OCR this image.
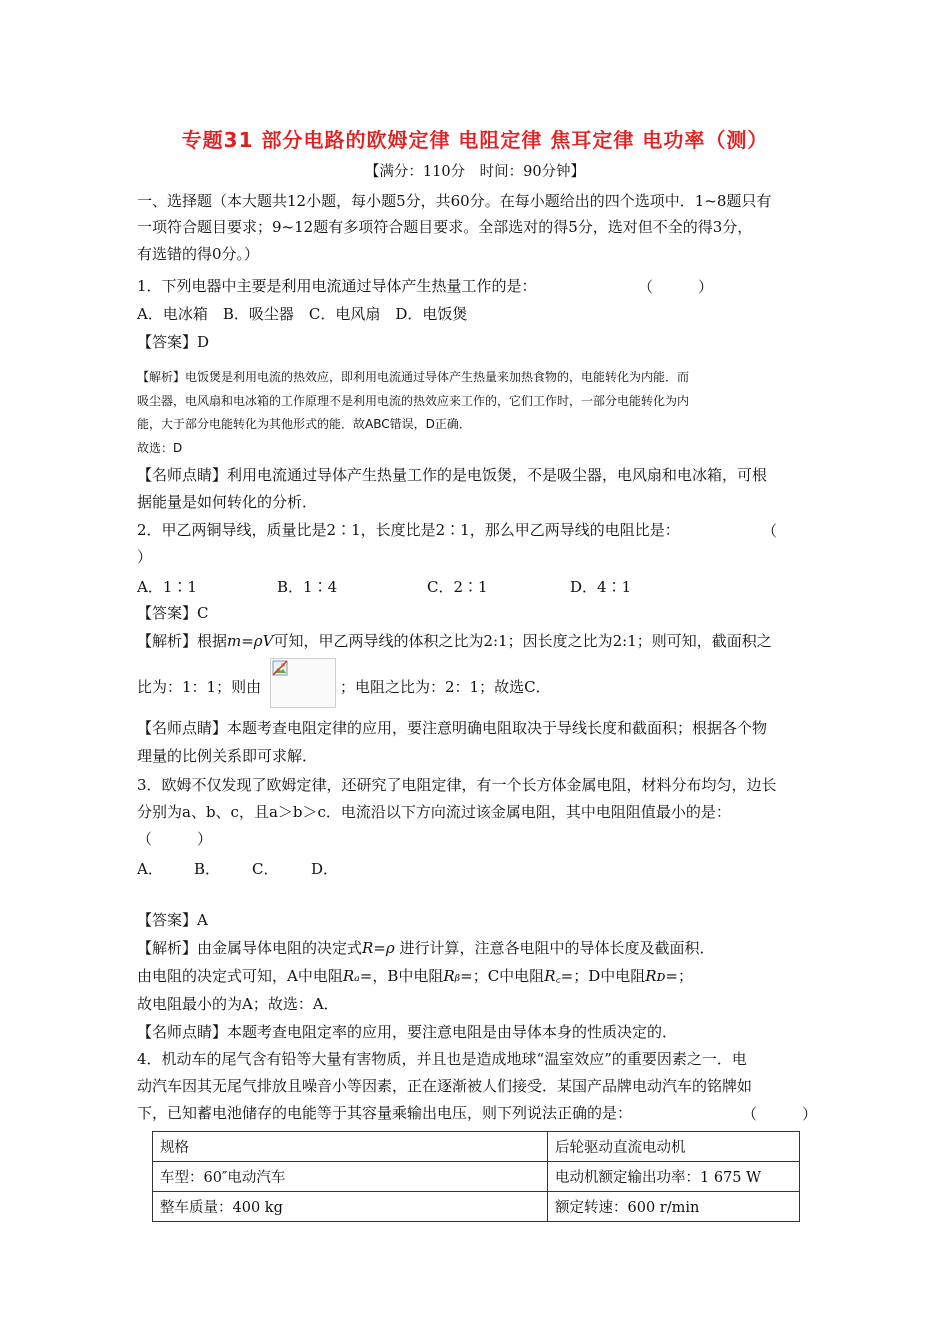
专题31 部分电路的欧姆定律 电阻定律 焦耳定律 电功率（测）
【满分：110分　时间：90分钟】
一、选择题（本大题共12小题，每小题5分，共60分。在每小题给出的四个选项中．1~8题只有
一项符合题目要求；9~12题有多项符合题目要求。全部选对的得5分，选对但不全的得3分，
有选错的得0分。）
1．下列电器中主要是利用电流通过导体产生热量工作的是：	（　　　）
A．电冰箱　B．吸尘器　C．电风扇　D．电饭煲
【答案】D
【解析】电饭煲是利用电流的热效应，即利用电流通过导体产生热量来加热食物的，电能转化为内能．而
吸尘器，电风扇和电冰箱的工作原理不是利用电流的热效应来工作的，它们工作时，一部分电能转化为内
能，大于部分电能转化为其他形式的能．故ABC错误，D正确．
故选：D
【名师点睛】利用电流通过导体产生热量工作的是电饭煲，不是吸尘器，电风扇和电冰箱，可根
据能量是如何转化的分析．
2．甲乙两铜导线，质量比是2∶1，长度比是2∶1，那么甲乙两导线的电阻比是：	（
）
A．1∶1	B．1∶4	C．2∶1	D．4∶1
【答案】C
【解析】根据m=ρV可知，甲乙两导线的体积之比为2:1；因长度之比为2:1；则可知，截面积之
比为：1：1；则由	；电阻之比为：2：1；故选C．
【名师点睛】本题考查电阻定律的应用，要注意明确电阻取决于导线长度和截面积；根据各个物
理量的比例关系即可求解．
3．欧姆不仅发现了欧姆定律，还研究了电阻定律，有一个长方体金属电阻，材料分布均匀，边长
分别为a、b、c，且a＞b＞c．电流沿以下方向流过该金属电阻，其中电阻阻值最小的是：
（　　　）
A． B． C． D．
【答案】A
【解析】由金属导体电阻的决定式R=ρ 进行计算，注意各电阻中的导体长度及截面积．
由电阻的决定式可知，A中电阻Rₐ=，B中电阻Rᵦ=；C中电阻R꜀=；D中电阻Rᴅ=；
故电阻最小的为A；故选：A．
【名师点睛】本题考查电阻定率的应用，要注意电阻是由导体本身的性质决定的．
4．机动车的尾气含有铅等大量有害物质，并且也是造成地球“温室效应”的重要因素之一．电
动汽车因其无尾气排放且噪音小等因素，正在逐渐被人们接受．某国产品牌电动汽车的铭牌如
下，已知蓄电池储存的电能等于其容量乘输出电压，则下列说法正确的是：	（　　　）
规格	后轮驱动直流电动机
车型：60″电动汽车	电动机额定输出功率：1 675 W
整车质量：400 kg	额定转速：600 r/min
